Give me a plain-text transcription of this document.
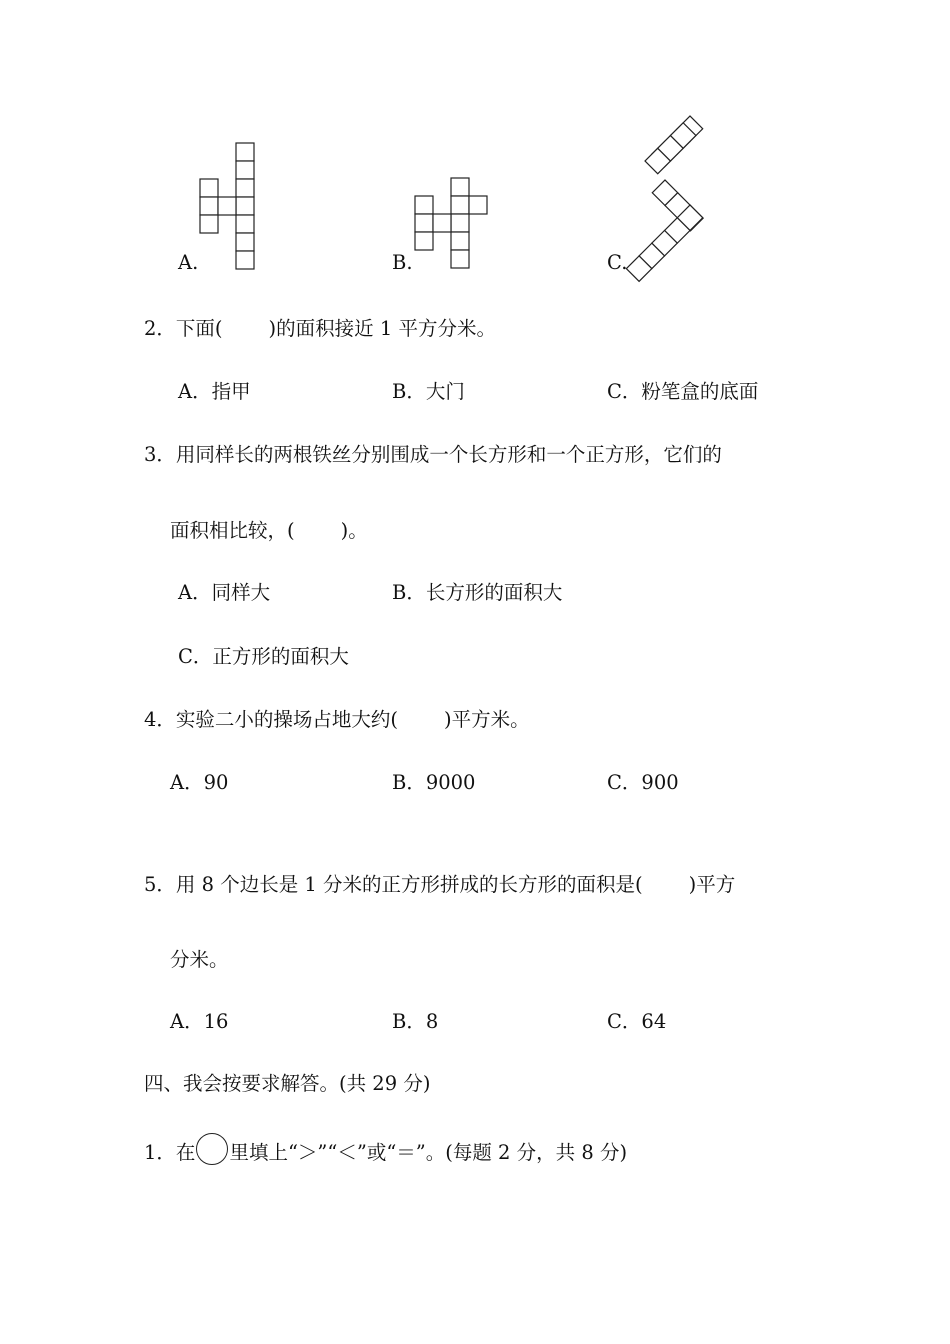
A.	B.	C.
2．下面( )的面积接近 1 平方分米。
A．指甲	B．大门	C．粉笔盒的底面
3．用同样长的两根铁丝分别围成一个长方形和一个正方形，它们的
面积相比较，( )。
A．同样大	B．长方形的面积大
C．正方形的面积大
4．实验二小的操场占地大约( )平方米。
A．90	B．9000	C．900
5．用 8 个边长是 1 分米的正方形拼成的长方形的面积是( )平方
分米。
A．16	B．8	C．64
四、我会按要求解答。(共 29 分)
1．在 里填上“＞”“＜”或“＝”。(每题 2 分，共 8 分)
